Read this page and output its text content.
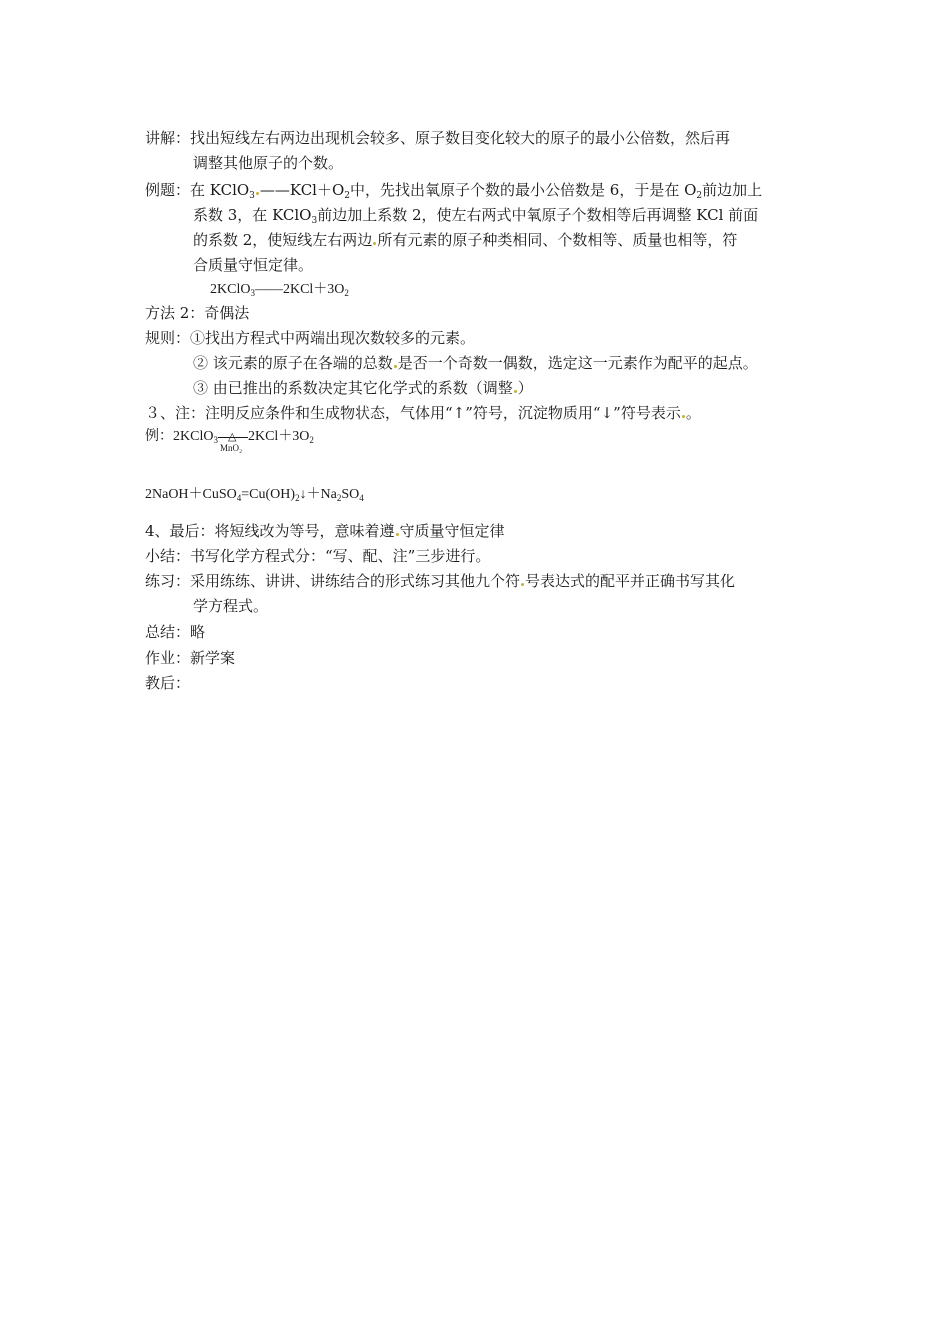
讲解：找出短线左右两边出现机会较多、原子数目变化较大的原子的最小公倍数，然后再
调整其他原子的个数。
例题：在 KClO$_3$ $——KCl+O_2$中，先找出氧原子个数的最小公倍数是 6，于是在 $O_2$前边加上
系数 3，在 KClO$_3$前边加上系数 2，使左右两式中氧原子个数相等后再调整 KCl 前面
的系数 2，使短线左右两边 所有元素的原子种类相同、个数相等、质量也相等，符
合质量守恒定律。
$2KClO_3——2KCl+3O_2$
方法 2：奇偶法
规则：①找出方程式中两端出现次数较多的元素。
② 该元素的原子在各端的总数 是否一个奇数一偶数，选定这一元素作为配平的起点。
③ 由已推出的系数决定其它化学式的系数（调整 ）
３、注：注明反应条件和生成物状态，气体用“↑”符号，沉淀物质用“↓”符号表示 。
例：2KClO$_3$ △
MnO₂
$2KCl+3O_2$
$2NaOH+CuSO_4=Cu(OH)_2↓+Na_2SO_4$
4、最后：将短线改为等号，意味着遵 守质量守恒定律
小结：书写化学方程式分：“写、配、注”三步进行。
练习：采用练练、讲讲、讲练结合的形式练习其他九个符 号表达式的配平并正确书写其化
学方程式。
总结：略
作业：新学案
教后：
